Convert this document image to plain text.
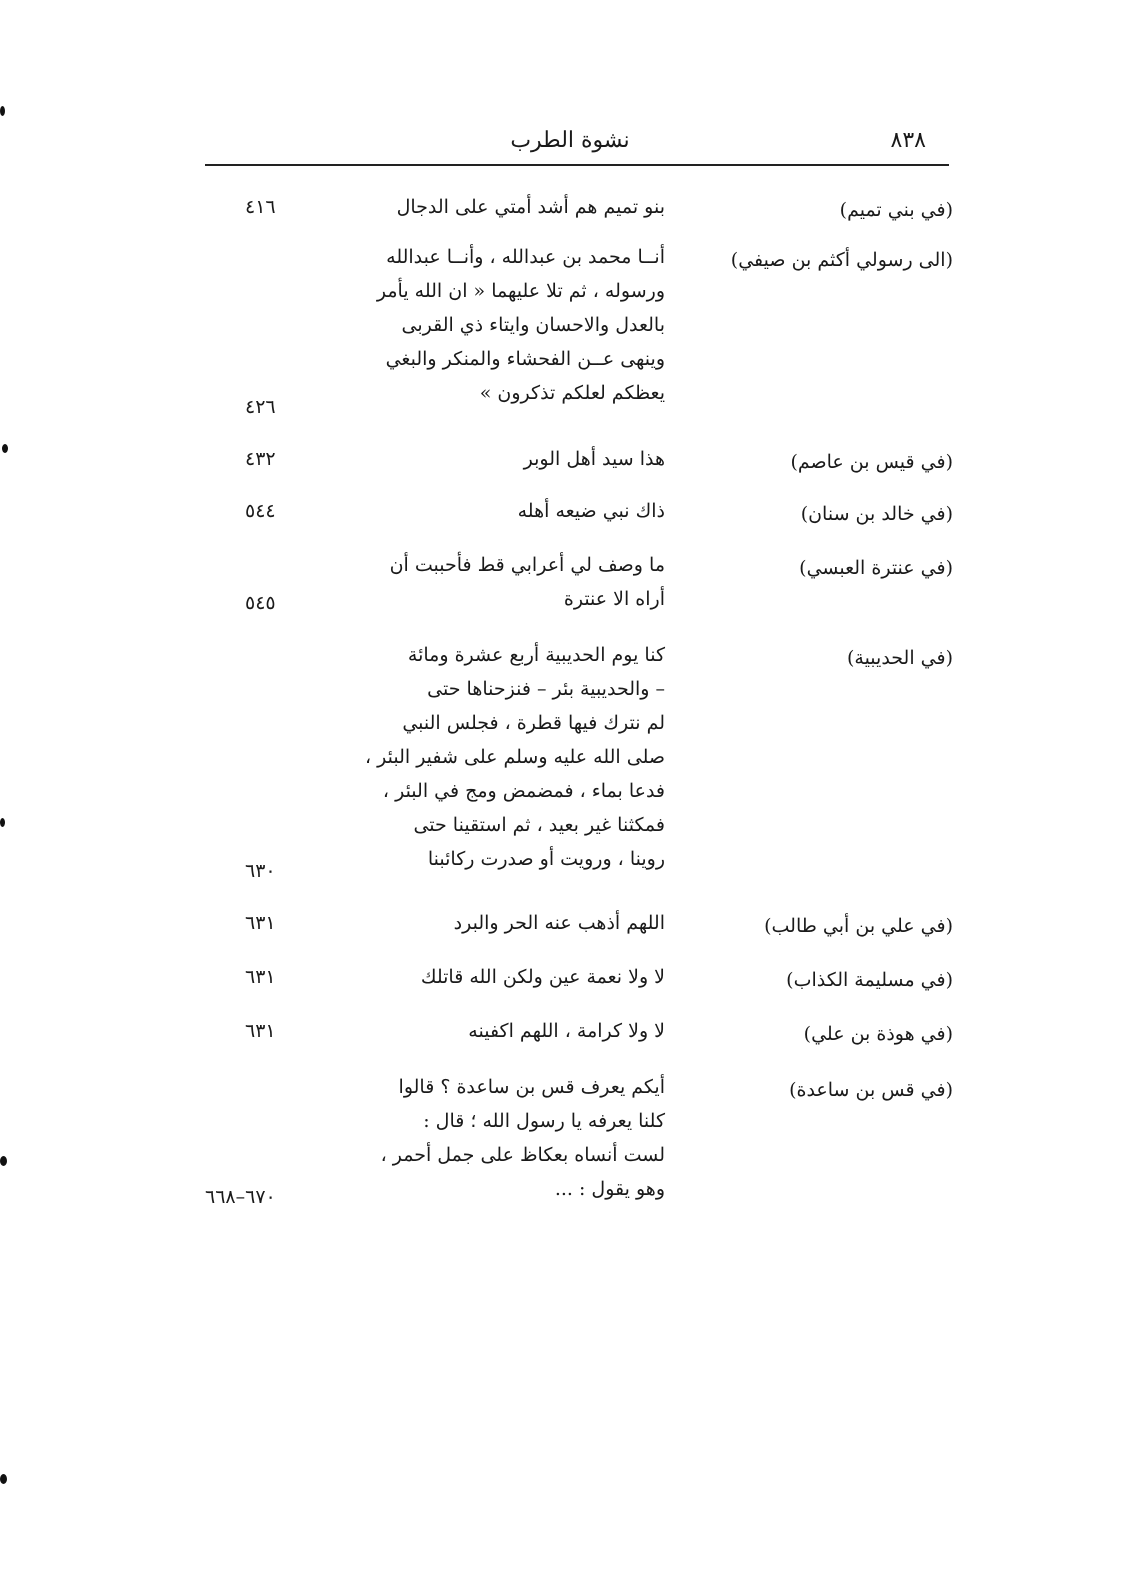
٨٣٨
نشوة الطرب
(في بني تميم)
بنو تميم هم أشد أمتي على الدجال
٤١٦
(الى رسولي أكثم بن صيفي)
أنــا محمد بن عبدالله ، وأنــا عبدالله
ورسوله ، ثم تلا عليهما « ان الله يأمر
بالعدل والاحسان وايتاء ذي القربى
وينهى عــن الفحشاء والمنكر والبغي
يعظكم لعلكم تذكرون »
٤٢٦
(في قيس بن عاصم)
هذا سيد أهل الوبر
٤٣٢
(في خالد بن سنان)
ذاك نبي ضيعه أهله
٥٤٤
(في عنترة العبسي)
ما وصف لي أعرابي قط فأحببت أن
أراه الا عنترة
٥٤٥
(في الحديبية)
كنا يوم الحديبية أربع عشرة ومائة
– والحديبية بئر – فنزحناها حتى
لم نترك فيها قطرة ، فجلس النبي
صلى الله عليه وسلم على شفير البئر ،
فدعا بماء ، فمضمض ومج في البئر ،
فمكثنا غير بعيد ، ثم استقينا حتى
روينا ، ورويت أو صدرت ركائبنا
٦٣٠
(في علي بن أبي طالب)
اللهم أذهب عنه الحر والبرد
٦٣١
(في مسليمة الكذاب)
لا ولا نعمة عين ولكن الله قاتلك
٦٣١
(في هوذة بن علي)
لا ولا كرامة ، اللهم اكفينه
٦٣١
(في قس بن ساعدة)
أيكم يعرف قس بن ساعدة ؟ قالوا
كلنا يعرفه يا رسول الله ؛ قال :
لست أنساه بعكاظ على جمل أحمر ،
وهو يقول : ...
٦٧٠–٦٦٨
